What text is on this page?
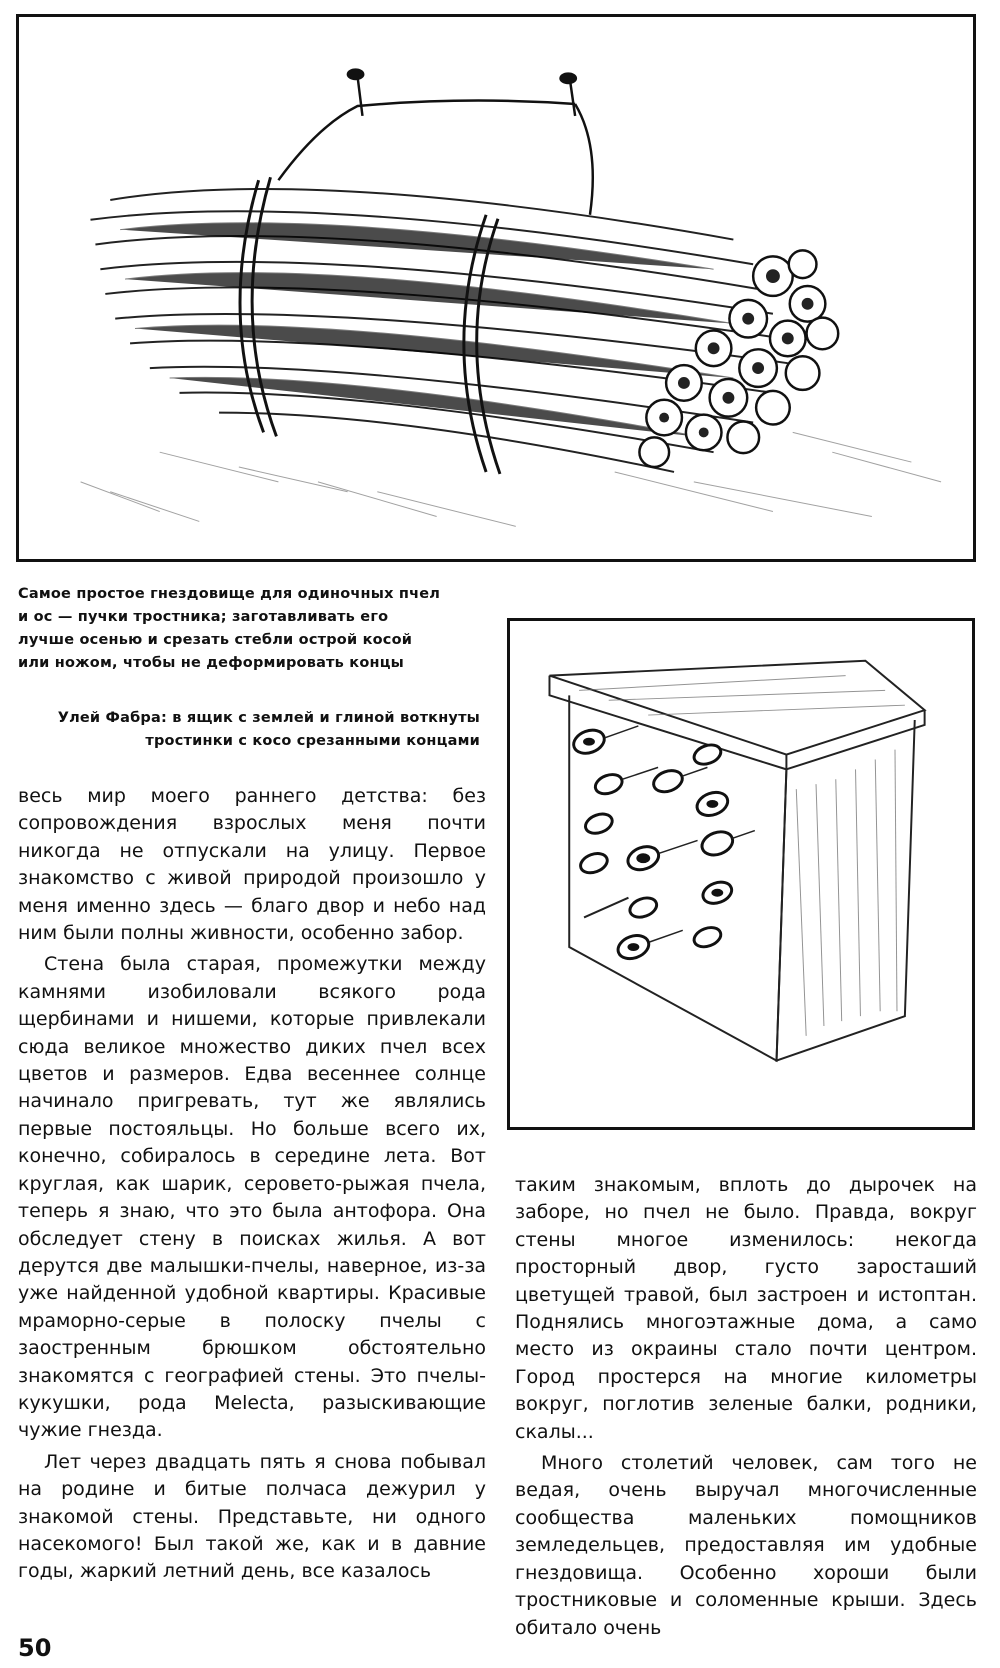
Самое простое гнездовище для одиночных пчел и ос — пучки тростника; заготавливать его лучше осенью и срезать стебли острой косой или ножом, чтобы не деформировать концы

Улей Фабра: в ящик с землей и глиной воткнуты тростинки с косо срезанными концами

весь мир моего раннего детства: без сопровождения взрослых меня почти никогда не отпускали на улицу. Первое знакомство с живой природой произошло у меня именно здесь — благо двор и небо над ним были полны живности, особенно забор.

Стена была старая, промежутки между камнями изобиловали всякого рода щербинами и нишеми, которые привлекали сюда великое множество диких пчел всех цветов и размеров. Едва весеннее солнце начинало пригревать, тут же являлись первые постояльцы. Но больше всего их, конечно, собиралось в середине лета. Вот круглая, как шарик, серовето-рыжая пчела, теперь я знаю, что это была антофора. Она обследует стену в поисках жилья. А вот дерутся две малышки-пчелы, наверное, из-за уже найденной удобной квартиры. Красивые мраморно-серые в полоску пчелы с заостренным брюшком обстоятельно знакомятся с географией стены. Это пчелы-кукушки, рода Melecta, разыскивающие чужие гнезда.

Лет через двадцать пять я снова побывал на родине и битые полчаса дежурил у знакомой стены. Представьте, ни одного насекомого! Был такой же, как и в давние годы, жаркий летний день, все казалось

таким знакомым, вплоть до дырочек на заборе, но пчел не было. Правда, вокруг стены многое изменилось: некогда просторный двор, густо заросташий цветущей травой, был застроен и истоптан. Поднялись многоэтажные дома, а само место из окраины стало почти центром. Город простерся на многие километры вокруг, поглотив зеленые балки, родники, скалы...

Много столетий человек, сам того не ведая, очень выручал многочисленные сообщества маленьких помощников земледельцев, предоставляя им удобные гнездовища. Особенно хороши были тростниковые и соломенные крыши. Здесь обитало очень

50
